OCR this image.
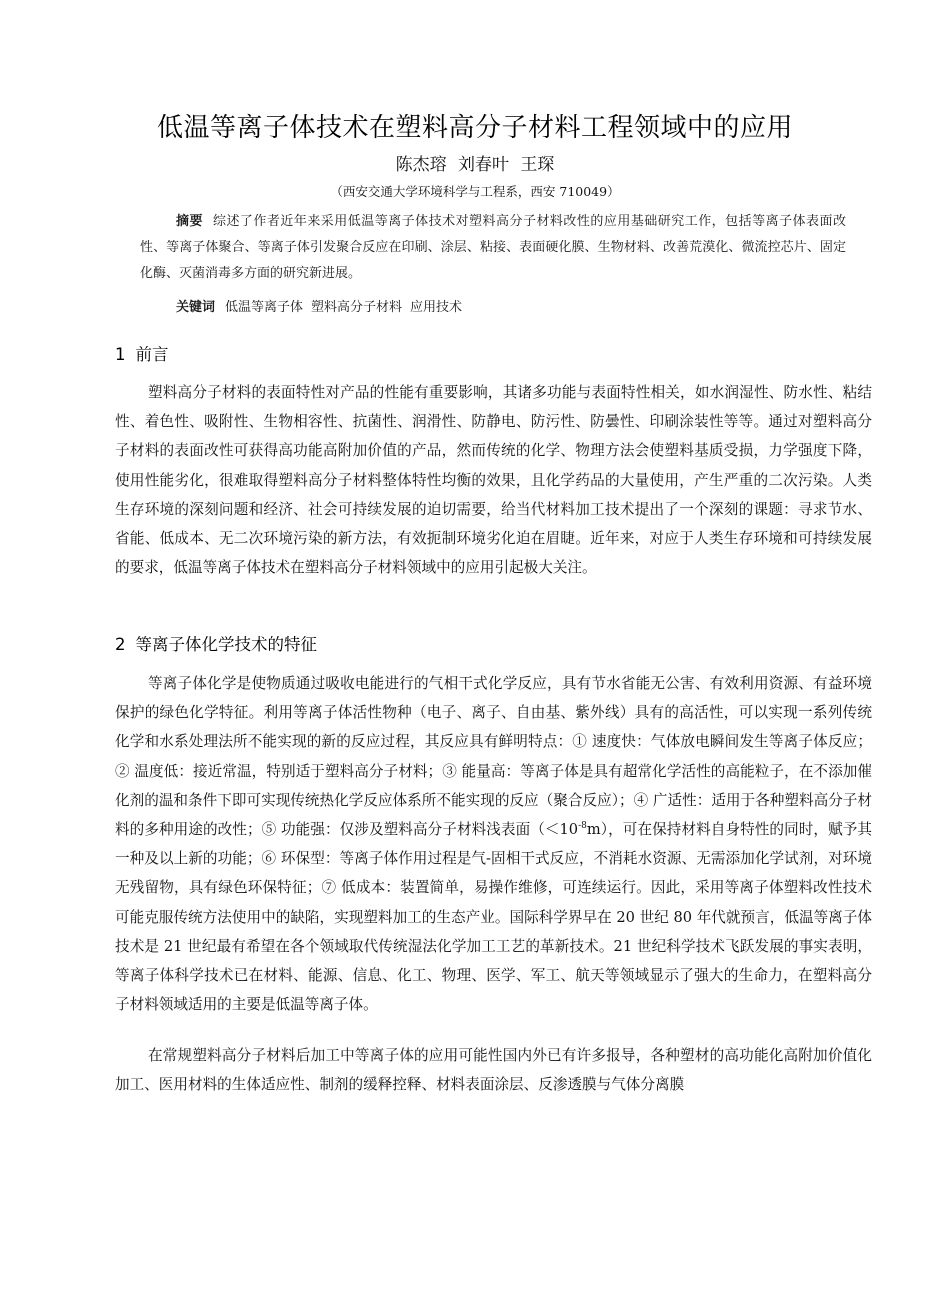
低温等离子体技术在塑料高分子材料工程领域中的应用
陈杰瑢 刘春叶 王琛
（西安交通大学环境科学与工程系，西安 710049）
摘要 综述了作者近年来采用低温等离子体技术对塑料高分子材料改性的应用基础研究工作，包括等离子体表面改性、等离子体聚合、等离子体引发聚合反应在印刷、涂层、粘接、表面硬化膜、生物材料、改善荒漠化、微流控芯片、固定化酶、灭菌消毒多方面的研究新进展。
关键词 低温等离子体 塑料高分子材料 应用技术
1 前言
塑料高分子材料的表面特性对产品的性能有重要影响，其诸多功能与表面特性相关，如水润湿性、防水性、粘结性、着色性、吸附性、生物相容性、抗菌性、润滑性、防静电、防污性、防曇性、印刷涂装性等等。通过对塑料高分子材料的表面改性可获得高功能高附加价值的产品，然而传统的化学、物理方法会使塑料基质受损，力学强度下降，使用性能劣化，很难取得塑料高分子材料整体特性均衡的效果，且化学药品的大量使用，产生严重的二次污染。人类生存环境的深刻问题和经济、社会可持续发展的迫切需要，给当代材料加工技术提出了一个深刻的课题：寻求节水、省能、低成本、无二次环境污染的新方法，有效扼制环境劣化迫在眉睫。近年来，对应于人类生存环境和可持续发展的要求，低温等离子体技术在塑料高分子材料领域中的应用引起极大关注。
2 等离子体化学技术的特征
等离子体化学是使物质通过吸收电能进行的气相干式化学反应，具有节水省能无公害、有效利用资源、有益环境保护的绿色化学特征。利用等离子体活性物种（电子、离子、自由基、紫外线）具有的高活性，可以实现一系列传统化学和水系处理法所不能实现的新的反应过程，其反应具有鲜明特点：① 速度快：气体放电瞬间发生等离子体反应；② 温度低：接近常温，特别适于塑料高分子材料；③ 能量高：等离子体是具有超常化学活性的高能粒子，在不添加催化剂的温和条件下即可实现传统热化学反应体系所不能实现的反应（聚合反应）；④ 广适性：适用于各种塑料高分子材料的多种用途的改性；⑤ 功能强：仅涉及塑料高分子材料浅表面$(<10^{-8}m)$，可在保持材料自身特性的同时，赋予其一种及以上新的功能；⑥ 环保型：等离子体作用过程是气-固相干式反应，不消耗水资源、无需添加化学试剂，对环境无残留物，具有绿色环保特征；⑦ 低成本：装置简单，易操作维修，可连续运行。因此，采用等离子体塑料改性技术可能克服传统方法使用中的缺陷，实现塑料加工的生态产业。国际科学界早在 20 世纪 80 年代就预言，低温等离子体技术是 21 世纪最有希望在各个领域取代传统湿法化学加工工艺的革新技术。21 世纪科学技术飞跃发展的事实表明，等离子体科学技术已在材料、能源、信息、化工、物理、医学、军工、航天等领域显示了强大的生命力，在塑料高分子材料领域适用的主要是低温等离子体。
在常规塑料高分子材料后加工中等离子体的应用可能性国内外已有许多报导，各种塑材的高功能化高附加价值化加工、医用材料的生体适应性、制剂的缓释控释、材料表面涂层、反渗透膜与气体分离膜
